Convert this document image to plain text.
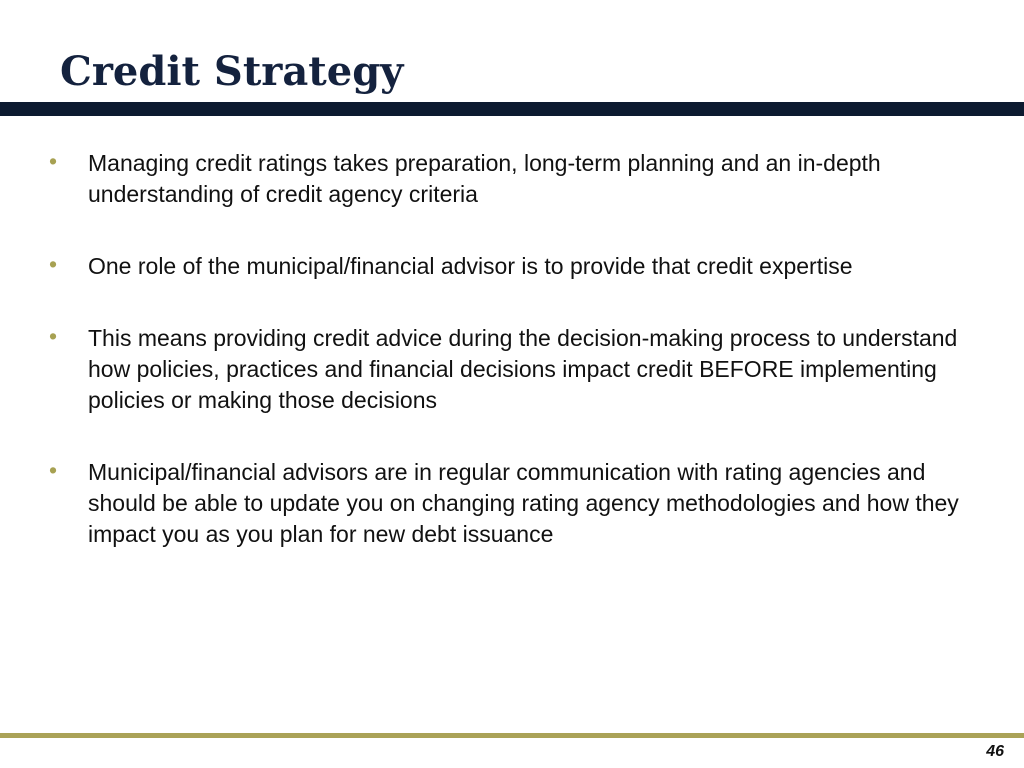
Credit Strategy
• Managing credit ratings takes preparation, long-term planning and an in-depth understanding of credit agency criteria
• One role of the municipal/financial advisor is to provide that credit expertise
• This means providing credit advice during the decision-making process to understand how policies, practices and financial decisions impact credit BEFORE implementing policies or making those decisions
• Municipal/financial advisors are in regular communication with rating agencies and should be able to update you on changing rating agency methodologies and how they impact you as you plan for new debt issuance
46
